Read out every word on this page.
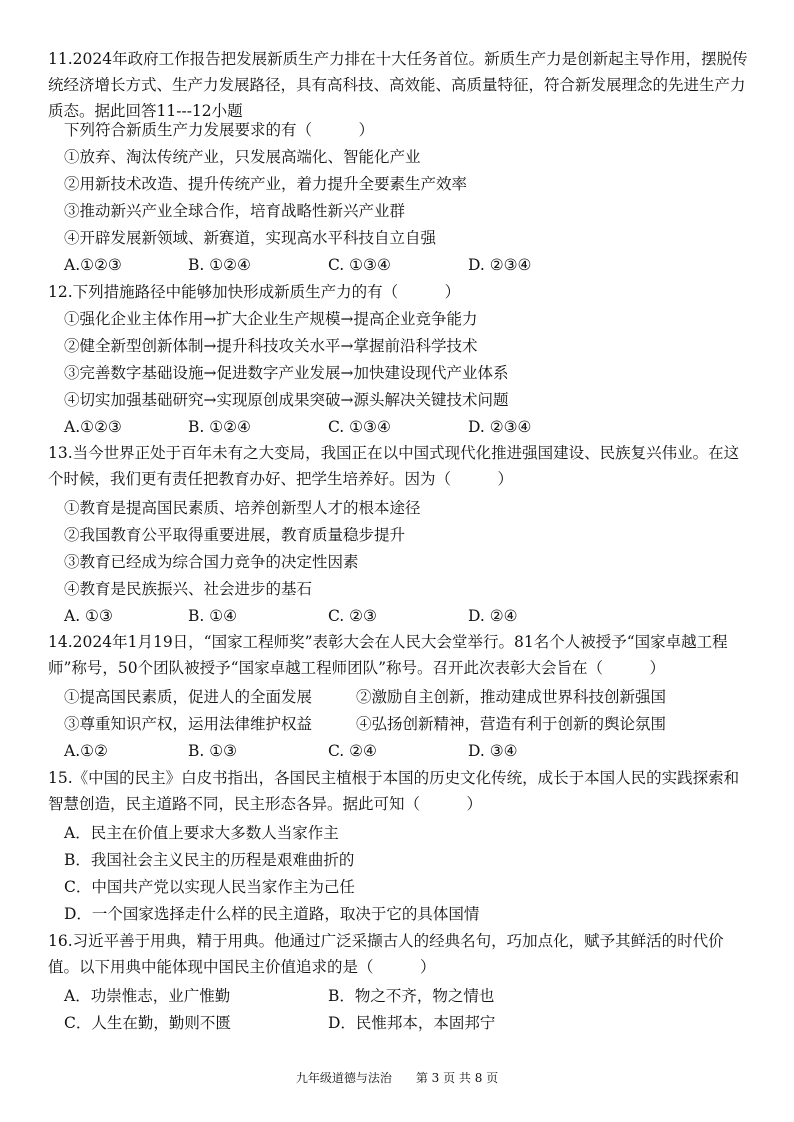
11.2024年政府工作报告把发展新质生产力排在十大任务首位。新质生产力是创新起主导作用，摆脱传统经济增长方式、生产力发展路径，具有高科技、高效能、高质量特征，符合新发展理念的先进生产力质态。据此回答11---12小题
下列符合新质生产力发展要求的有（　　　）
①放弃、淘汰传统产业，只发展高端化、智能化产业
②用新技术改造、提升传统产业，着力提升全要素生产效率
③推动新兴产业全球合作，培育战略性新兴产业群
④开辟发展新领域、新赛道，实现高水平科技自立自强
A.①②③	B. ①②④	C. ①③④	D. ②③④
12.下列措施路径中能够加快形成新质生产力的有（　　　）
①强化企业主体作用→扩大企业生产规模→提高企业竞争能力
②健全新型创新体制→提升科技攻关水平→掌握前沿科学技术
③完善数字基础设施→促进数字产业发展→加快建设现代产业体系
④切实加强基础研究→实现原创成果突破→源头解决关键技术问题
A.①②③	B. ①②④	C. ①③④	D. ②③④
13.当今世界正处于百年未有之大变局，我国正在以中国式现代化推进强国建设、民族复兴伟业。在这个时候，我们更有责任把教育办好、把学生培养好。因为（　　　）
①教育是提高国民素质、培养创新型人才的根本途径
②我国教育公平取得重要进展，教育质量稳步提升
③教育已经成为综合国力竞争的决定性因素
④教育是民族振兴、社会进步的基石
A. ①③	B. ①④	C. ②③	D. ②④
14.2024年1月19日，“国家工程师奖”表彰大会在人民大会堂举行。81名个人被授予“国家卓越工程师”称号，50个团队被授予“国家卓越工程师团队”称号。召开此次表彰大会旨在（　　　）
①提高国民素质，促进人的全面发展	②激励自主创新，推动建成世界科技创新强国
③尊重知识产权，运用法律维护权益	④弘扬创新精神，营造有利于创新的舆论氛围
A.①②	B. ①③	C. ②④	D. ③④
15.《中国的民主》白皮书指出，各国民主植根于本国的历史文化传统，成长于本国人民的实践探索和智慧创造，民主道路不同，民主形态各异。据此可知（　　　）
A．民主在价值上要求大多数人当家作主
B．我国社会主义民主的历程是艰难曲折的
C．中国共产党以实现人民当家作主为己任
D．一个国家选择走什么样的民主道路，取决于它的具体国情
16.习近平善于用典，精于用典。他通过广泛采撷古人的经典名句，巧加点化，赋予其鲜活的时代价值。以下用典中能体现中国民主价值追求的是（　　　）
A．功崇惟志，业广惟勤	B．物之不齐，物之情也
C．人生在勤，勤则不匮	D．民惟邦本，本固邦宁
九年级道德与法治　　第 3 页 共 8 页
